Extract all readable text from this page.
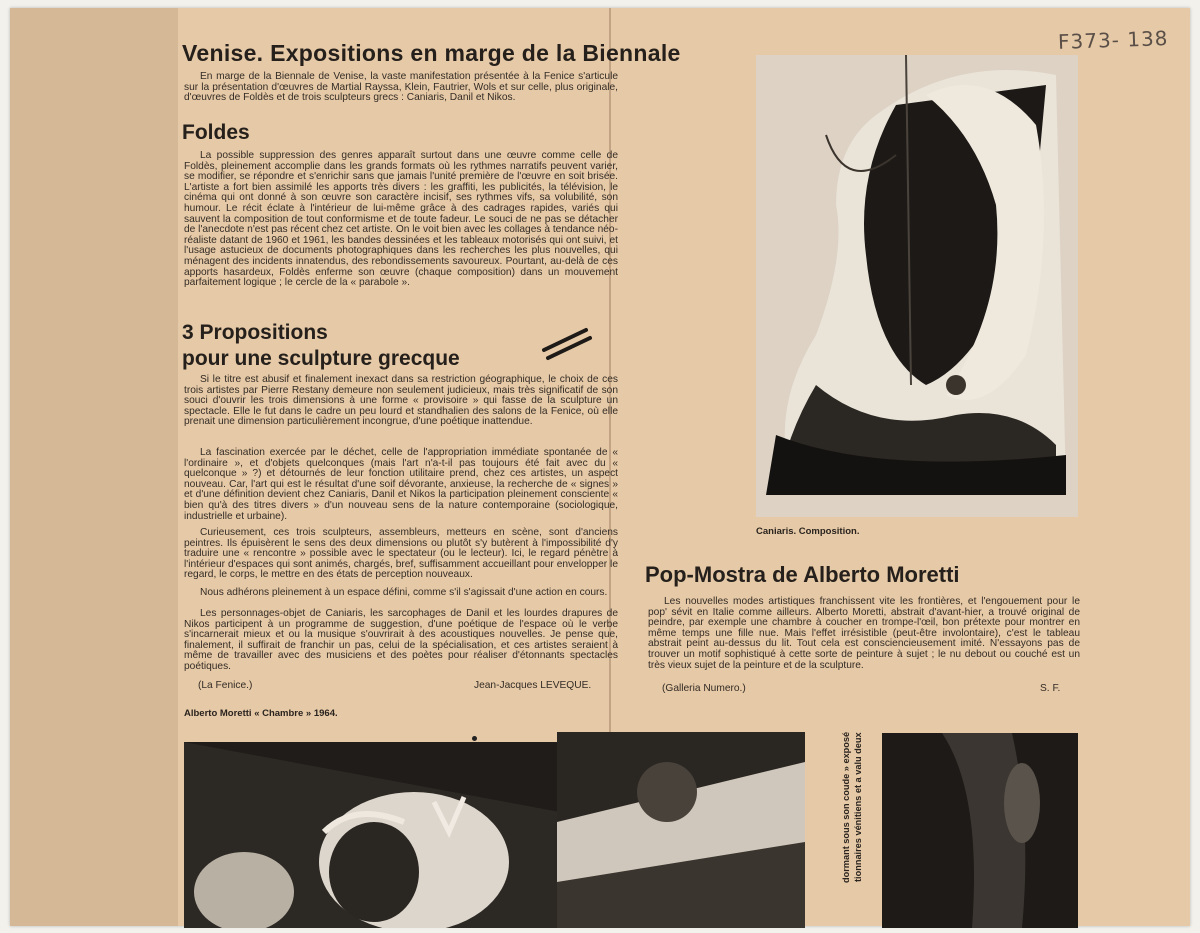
F373- 138
Venise. Expositions en marge de la Biennale

En marge de la Biennale de Venise, la vaste manifestation présentée à la Fenice s'articule sur la présentation d'œuvres de Martial Rayssa, Klein, Fautrier, Wols et sur celle, plus originale, d'œuvres de Foldès et de trois sculpteurs grecs : Caniaris, Danil et Nikos.

Foldes

La possible suppression des genres apparaît surtout dans une œuvre comme celle de Foldès, pleinement accomplie dans les grands formats où les rythmes narratifs peuvent varier, se modifier, se répondre et s'enrichir sans que jamais l'unité première de l'œuvre en soit brisée. L'artiste a fort bien assimilé les apports très divers : les graffiti, les publicités, la télévision, le cinéma qui ont donné à son œuvre son caractère incisif, ses rythmes vifs, sa volubilité, son humour. Le récit éclate à l'intérieur de lui-même grâce à des cadrages rapides, variés qui sauvent la composition de tout conformisme et de toute fadeur. Le souci de ne pas se détacher de l'anecdote n'est pas récent chez cet artiste. On le voit bien avec les collages à tendance néo-réaliste datant de 1960 et 1961, les bandes dessinées et les tableaux motorisés qui ont suivi, et l'usage astucieux de documents photographiques dans les recherches les plus nouvelles, qui ménagent des incidents innatendus, des rebondissements savoureux. Pourtant, au-delà de ces apports hasardeux, Foldès enferme son œuvre (chaque composition) dans un mouvement parfaitement logique ; le cercle de la « parabole ».

3 Propositions
pour une sculpture grecque

Si le titre est abusif et finalement inexact dans sa restriction géographique, le choix de ces trois artistes par Pierre Restany demeure non seulement judicieux, mais très significatif de son souci d'ouvrir les trois dimensions à une forme « provisoire » qui fasse de la sculpture un spectacle. Elle le fut dans le cadre un peu lourd et standhalien des salons de la Fenice, où elle prenait une dimension particulièrement incongrue, d'une poétique inattendue.

La fascination exercée par le déchet, celle de l'appropriation immédiate spontanée de « l'ordinaire », et d'objets quelconques (mais l'art n'a-t-il pas toujours été fait avec du « quelconque » ?) et détournés de leur fonction utilitaire prend, chez ces artistes, un aspect nouveau. Car, l'art qui est le résultat d'une soif dévorante, anxieuse, la recherche de « signes » et d'une définition devient chez Caniaris, Danil et Nikos la participation pleinement consciente « bien qu'à des titres divers » d'un nouveau sens de la nature contemporaine (sociologique, industrielle et urbaine).

Curieusement, ces trois sculpteurs, assembleurs, metteurs en scène, sont d'anciens peintres. Ils épuisèrent le sens des deux dimensions ou plutôt s'y butèrent à l'impossibilité d'y traduire une « rencontre » possible avec le spectateur (ou le lecteur). Ici, le regard pénètre à l'intérieur d'espaces qui sont animés, chargés, bref, suffisamment accueillant pour envelopper le regard, le corps, le mettre en des états de perception nouveaux.

Nous adhérons pleinement à un espace défini, comme s'il s'agissait d'une action en cours.

Les personnages-objet de Caniaris, les sarcophages de Danil et les lourdes drapures de Nikos participent à un programme de suggestion, d'une poétique de l'espace où le verbe s'incarnerait mieux et ou la musique s'ouvrirait à des acoustiques nouvelles. Je pense que, finalement, il suffirait de franchir un pas, celui de la spécialisation, et ces artistes seraient à même de travailler avec des musiciens et des poètes pour réaliser d'étonnants spectacles poétiques.

(La Fenice.)	Jean-Jacques LEVEQUE.
Caniaris. Composition.
Pop-Mostra de Alberto Moretti

Les nouvelles modes artistiques franchissent vite les frontières, et l'engouement pour le pop' sévit en Italie comme ailleurs. Alberto Moretti, abstrait d'avant-hier, a trouvé original de peindre, par exemple une chambre à coucher en trompe-l'œil, bon prétexte pour montrer en même temps une fille nue. Mais l'effet irrésistible (peut-être involontaire), c'est le tableau abstrait peint au-dessus du lit. Tout cela est consciencieusement imité. N'essayons pas de trouver un motif sophistiqué à cette sorte de peinture à sujet ; le nu debout ou couché est un très vieux sujet de la peinture et de la sculpture.

(Galleria Numero.)	S. F.
Alberto Moretti « Chambre » 1964.
dormant sous son coude » exposé tionnaires vénitiens et a valu deux
